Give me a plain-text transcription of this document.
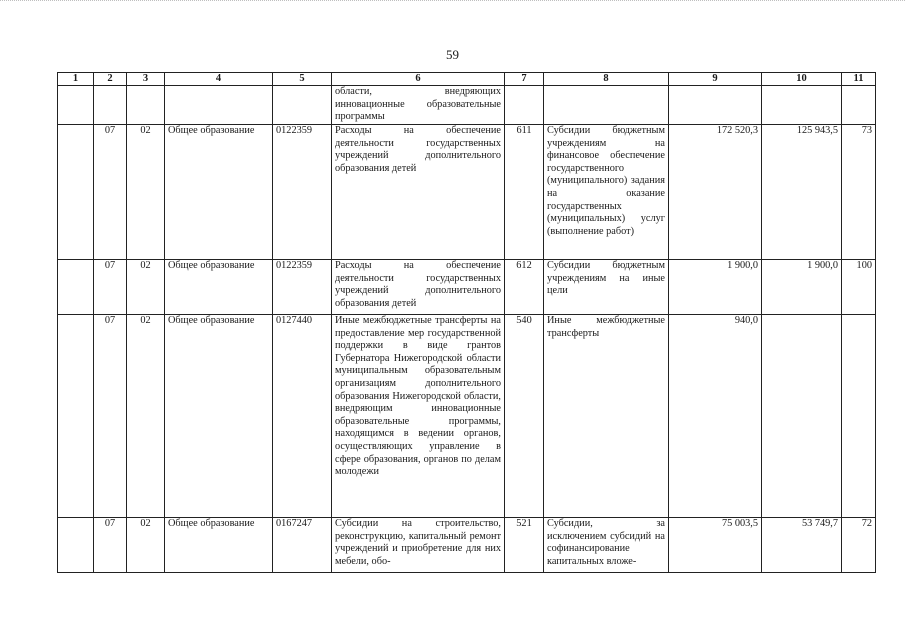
59
1	2	3	4	5	6	7	8	9	10	11
					области, внедряющих инновационные образовательные программы					
	07	02	Общее образование	0122359	Расходы на обеспечение деятельности государственных учреждений дополнительного образования детей	611	Субсидии бюджетным учреждениям на финансовое обеспечение государственного (муниципального) задания на оказание государственных (муниципальных) услуг (выполнение работ)	172 520,3	125 943,5	73
	07	02	Общее образование	0122359	Расходы на обеспечение деятельности государственных учреждений дополнительного образования детей	612	Субсидии бюджетным учреждениям на иные цели	1 900,0	1 900,0	100
	07	02	Общее образование	0127440	Иные межбюджетные трансферты на предоставление мер государственной поддержки в виде грантов Губернатора Нижегородской области муниципальным образовательным организациям дополнительного образования Нижегородской области, внедряющим инновационные образовательные программы, находящимся в ведении органов, осуществляющих управление в сфере образования, органов по делам молодежи	540	Иные межбюджетные трансферты	940,0		
	07	02	Общее образование	0167247	Субсидии на строительство, реконструкцию, капитальный ремонт учреждений и приобретение для них мебели, обо-	521	Субсидии, за исключением субсидий на софинансирование капитальных вложе-	75 003,5	53 749,7	72
